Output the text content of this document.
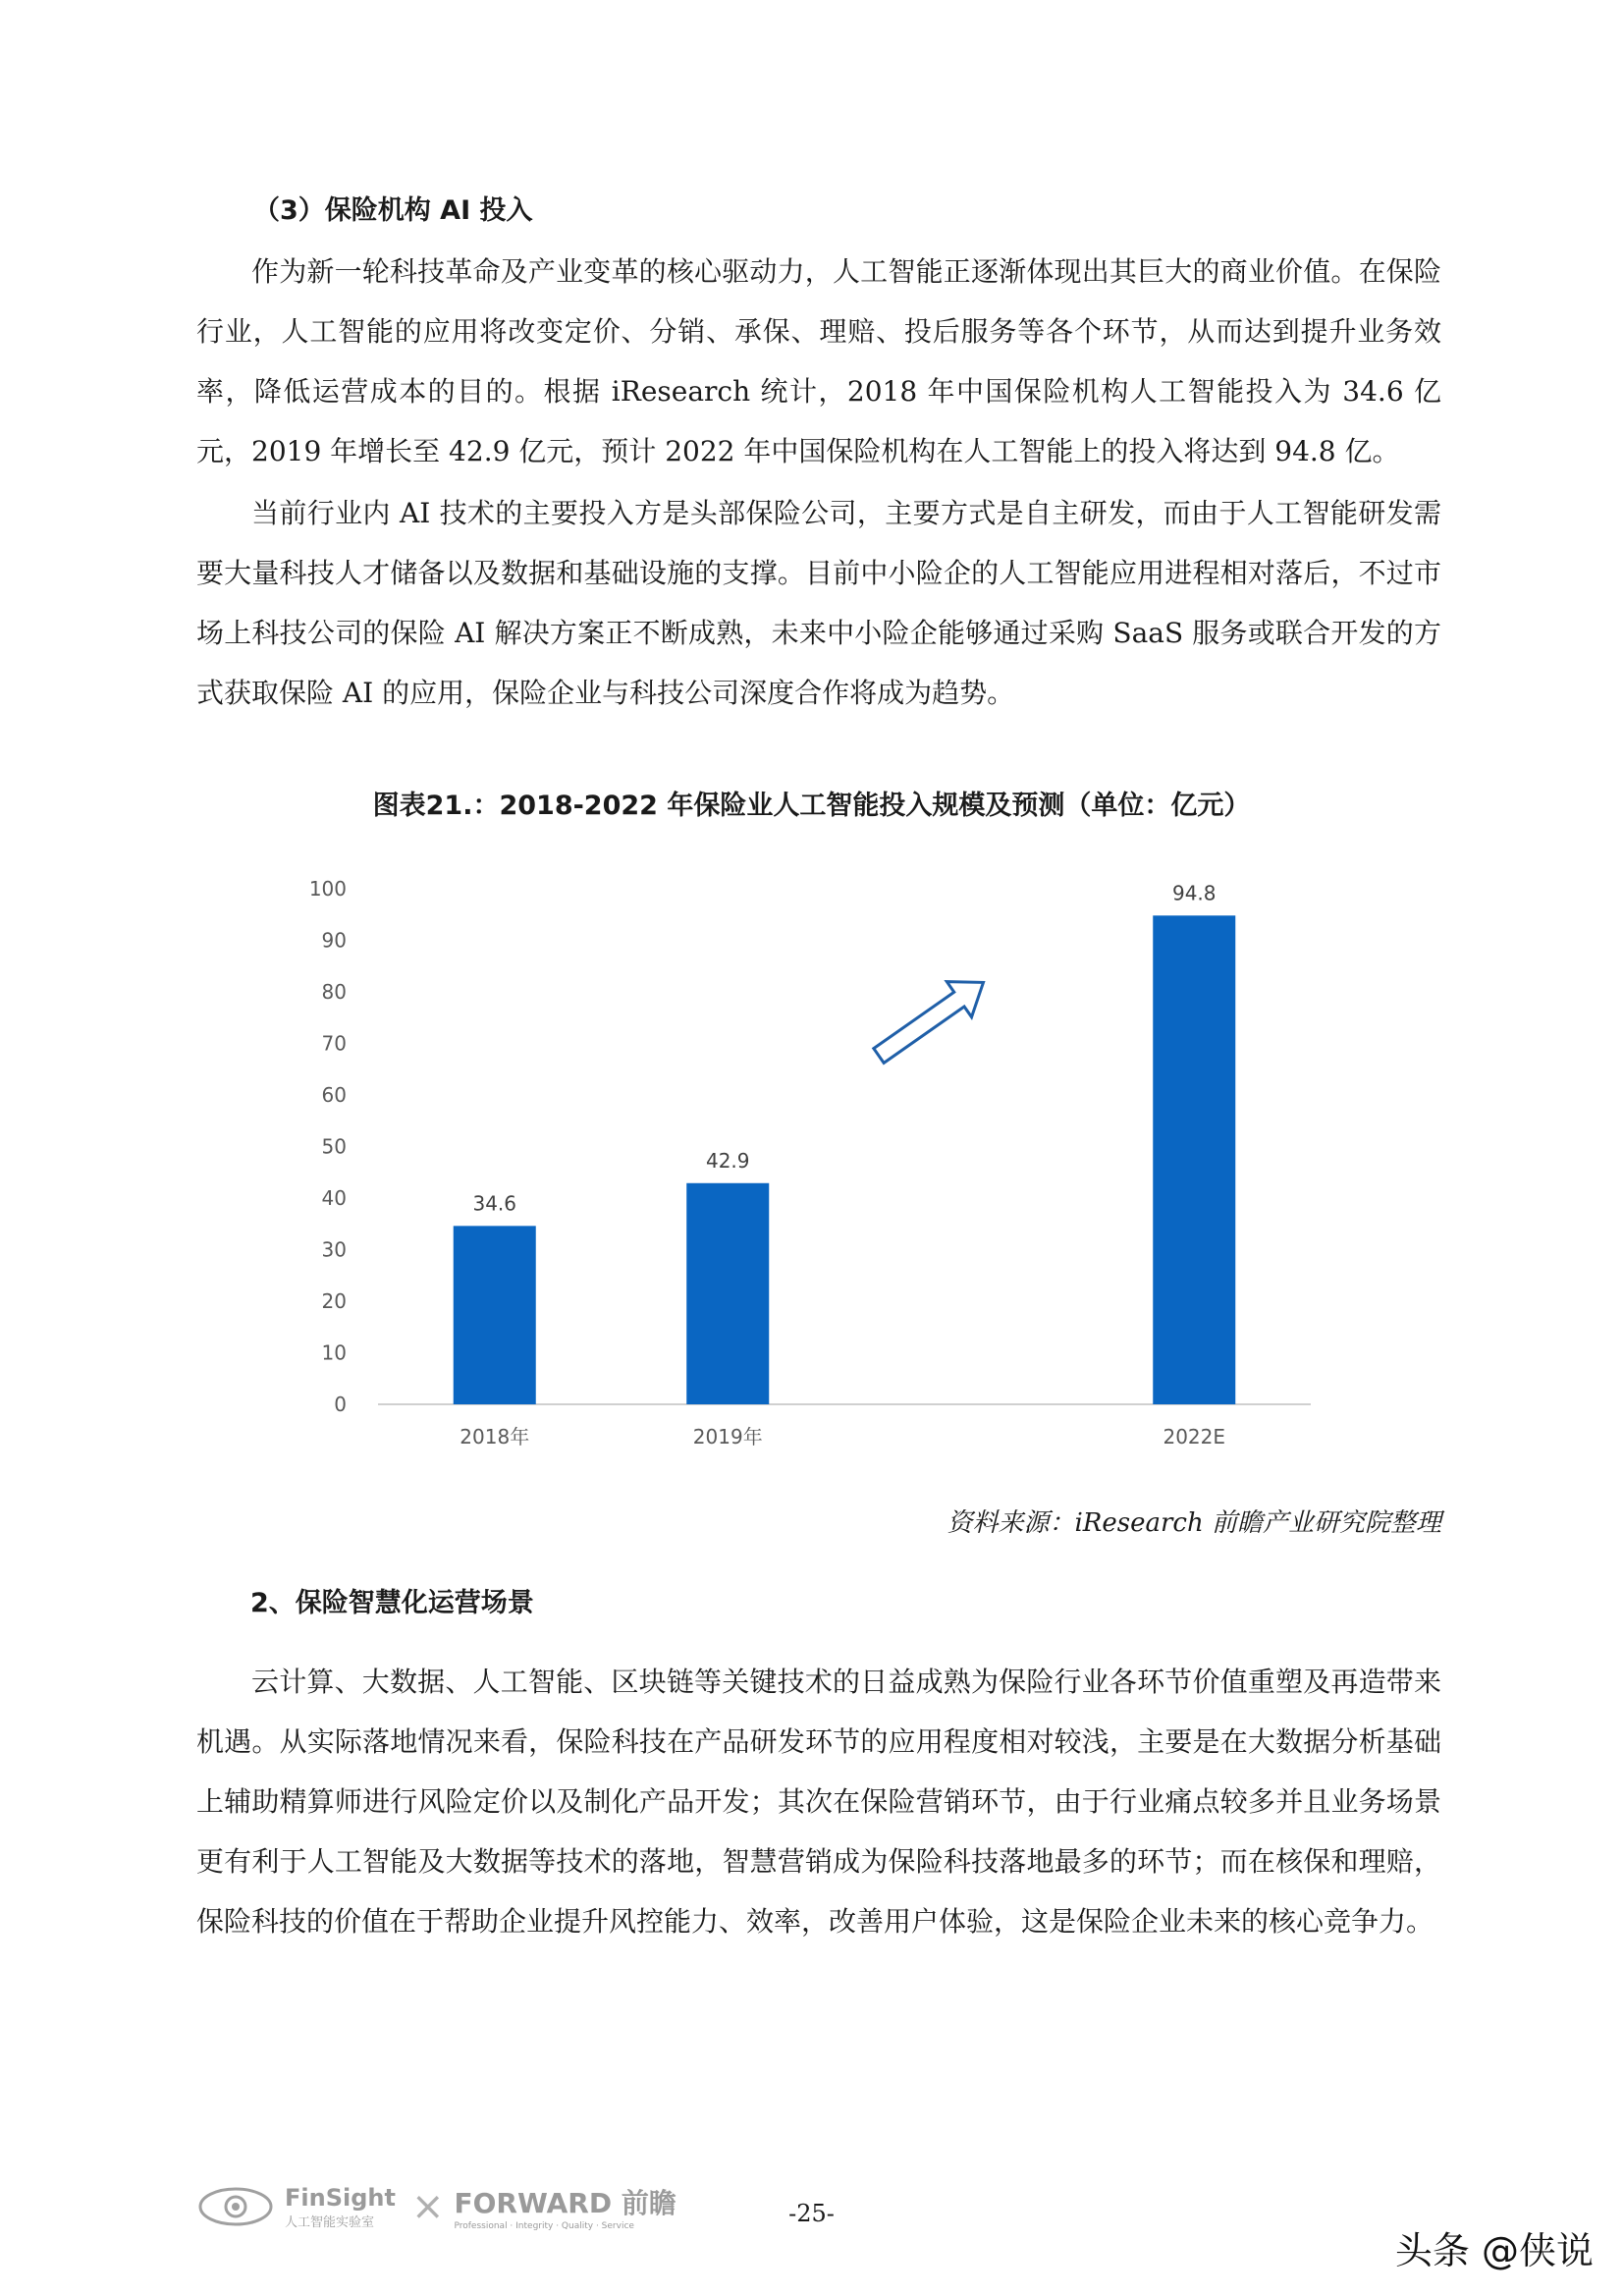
（3）保险机构 AI 投入

作为新一轮科技革命及产业变革的核心驱动力，人工智能正逐渐体现出其巨大的商业价值。在保险行业，人工智能的应用将改变定价、分销、承保、理赔、投后服务等各个环节，从而达到提升业务效率，降低运营成本的目的。根据 iResearch 统计，2018 年中国保险机构人工智能投入为 34.6 亿元，2019 年增长至 42.9 亿元，预计 2022 年中国保险机构在人工智能上的投入将达到 94.8 亿。

当前行业内 AI 技术的主要投入方是头部保险公司，主要方式是自主研发，而由于人工智能研发需要大量科技人才储备以及数据和基础设施的支撑。目前中小险企的人工智能应用进程相对落后，不过市场上科技公司的保险 AI 解决方案正不断成熟，未来中小险企能够通过采购 SaaS 服务或联合开发的方式获取保险 AI 的应用，保险企业与科技公司深度合作将成为趋势。

图表21.：2018-2022 年保险业人工智能投入规模及预测（单位：亿元）
0
10
20
30
40
50
60
70
80
90
100
34.6
2018年
42.9
2019年
94.8
2022E
资料来源：iResearch 前瞻产业研究院整理
2、保险智慧化运营场景

云计算、大数据、人工智能、区块链等关键技术的日益成熟为保险行业各环节价值重塑及再造带来机遇。从实际落地情况来看，保险科技在产品研发环节的应用程度相对较浅，主要是在大数据分析基础上辅助精算师进行风险定价以及制化产品开发；其次在保险营销环节，由于行业痛点较多并且业务场景更有利于人工智能及大数据等技术的落地，智慧营销成为保险科技落地最多的环节；而在核保和理赔，保险科技的价值在于帮助企业提升风控能力、效率，改善用户体验，这是保险企业未来的核心竞争力。

FinSight
人工智能实验室 × FORWARD 前瞻
Professional · Integrity · Quality · Service	-25-
头条 @侠说
